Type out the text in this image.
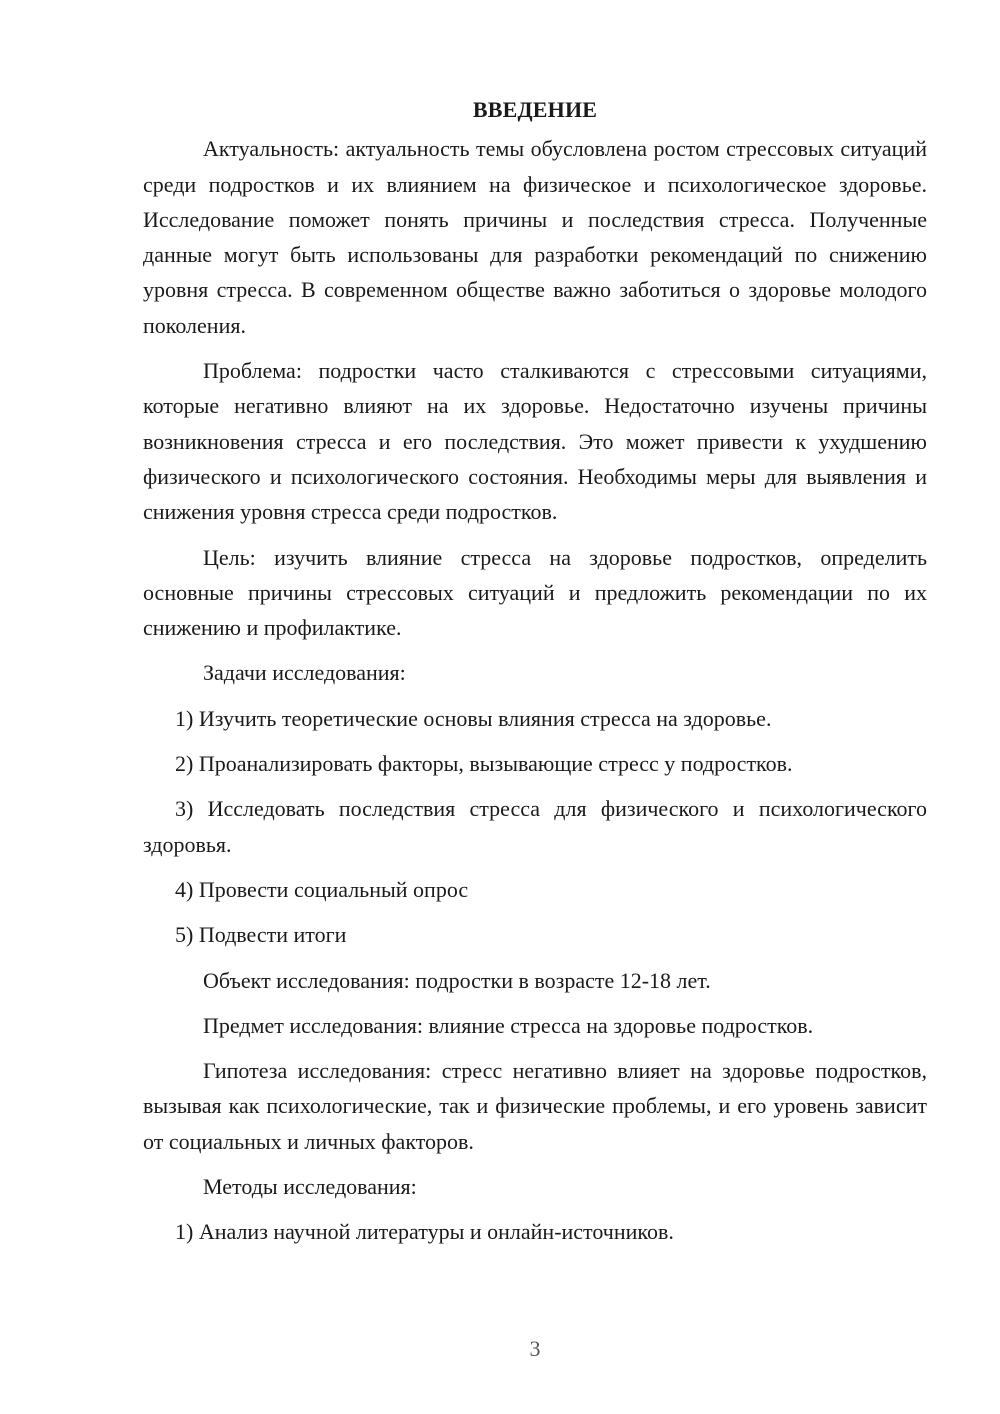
ВВЕДЕНИЕ

Актуальность: актуальность темы обусловлена ростом стрессовых ситуаций среди подростков и их влиянием на физическое и психологическое здоровье. Исследование поможет понять причины и последствия стресса. Полученные данные могут быть использованы для разработки рекомендаций по снижению уровня стресса. В современном обществе важно заботиться о здоровье молодого поколения.

Проблема: подростки часто сталкиваются с стрессовыми ситуациями, которые негативно влияют на их здоровье. Недостаточно изучены причины возникновения стресса и его последствия. Это может привести к ухудшению физического и психологического состояния. Необходимы меры для выявления и снижения уровня стресса среди подростков.

Цель: изучить влияние стресса на здоровье подростков, определить основные причины стрессовых ситуаций и предложить рекомендации по их снижению и профилактике.

Задачи исследования:

1) Изучить теоретические основы влияния стресса на здоровье.

2) Проанализировать факторы, вызывающие стресс у подростков.

3) Исследовать последствия стресса для физического и психологического здоровья.

4) Провести социальный опрос

5) Подвести итоги

Объект исследования: подростки в возрасте 12-18 лет.

Предмет исследования: влияние стресса на здоровье подростков.

Гипотеза исследования: стресс негативно влияет на здоровье подростков, вызывая как психологические, так и физические проблемы, и его уровень зависит от социальных и личных факторов.

Методы исследования:

1) Анализ научной литературы и онлайн-источников.

3
